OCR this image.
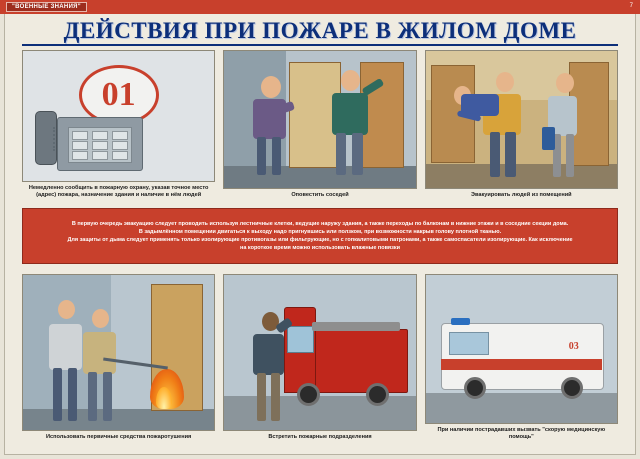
"ВОЕННЫЕ ЗНАНИЯ"	7
ДЕЙСТВИЯ ПРИ ПОЖАРЕ В ЖИЛОМ ДОМЕ
01
Немедленно сообщить в пожарную охрану, указав точное место (адрес) пожара, назначение здания и наличие в нём людей	Оповестить соседей	Эвакуировать людей из помещений

В первую очередь эвакуацию следует проводить используя лестничные клетки, ведущие наружу здания, а также переходы по балконам в нижние этажи и в соседние секции дома.
В задымлённом помещении двигаться к выходу надо пригнувшись или ползком, при возможности накрыв голову плотной тканью.
Для защиты от дыма следует применять только изолирующие противогазы или фильтрующие, но с гопкалитовыми патронами, а также самоспасатели изолирующие. Как исключение
на короткое время можно использовать влажные повязки

Использовать первичные средства пожаротушения	Встретить пожарные подразделения
03
При наличии пострадавших вызвать "скорую медицинскую помощь"
